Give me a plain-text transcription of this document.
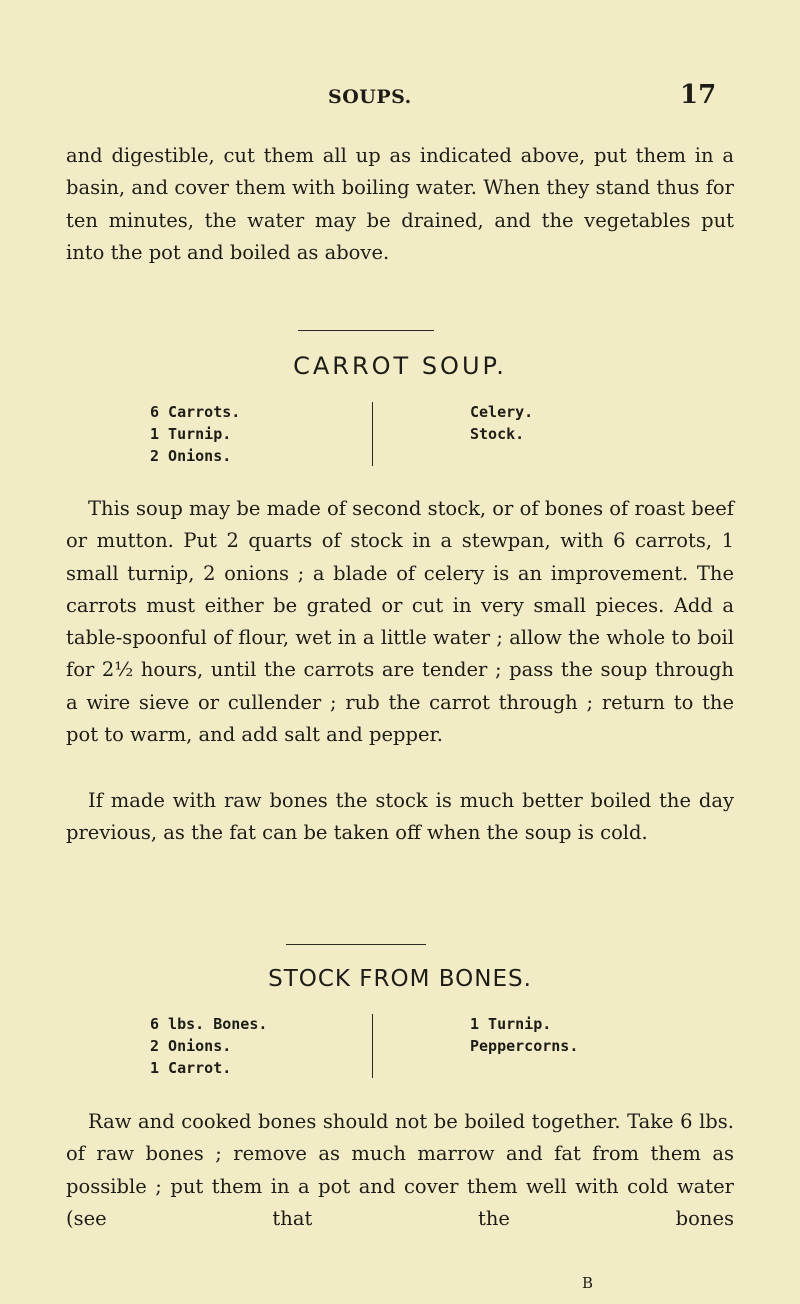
SOUPS.	17

and digestible, cut them all up as indicated above, put them in a basin, and cover them with boiling water. When they stand thus for ten minutes, the water may be drained, and the vegetables put into the pot and boiled as above.

CARROT SOUP.
6 Carrots.
1 Turnip.
2 Onions.
Celery.
Stock.

This soup may be made of second stock, or of bones of roast beef or mutton. Put 2 quarts of stock in a stewpan, with 6 carrots, 1 small turnip, 2 onions ; a blade of celery is an improvement. The carrots must either be grated or cut in very small pieces. Add a table-spoonful of flour, wet in a little water ; allow the whole to boil for 2½ hours, until the carrots are tender ; pass the soup through a wire sieve or cullender ; rub the carrot through ; return to the pot to warm, and add salt and pepper.

If made with raw bones the stock is much better boiled the day previous, as the fat can be taken off when the soup is cold.

STOCK FROM BONES.
6 lbs. Bones.
2 Onions.
1 Carrot.
1 Turnip.
Peppercorns.

Raw and cooked bones should not be boiled together. Take 6 lbs. of raw bones ; remove as much marrow and fat from them as possible ; put them in a pot and cover them well with cold water (see that the bones

B
